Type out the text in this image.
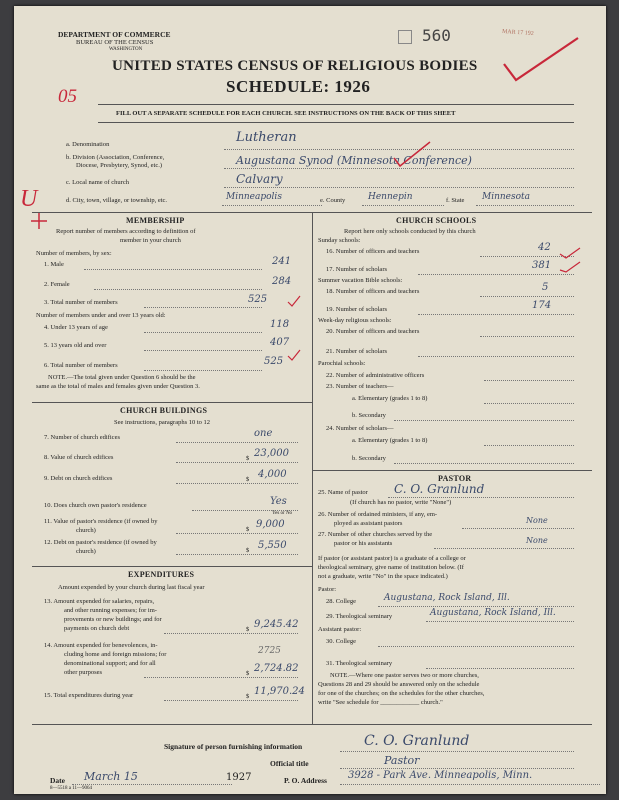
DEPARTMENT OF COMMERCE
BUREAU OF THE CENSUS
WASHINGTON
560	MAR 17 192
UNITED STATES CENSUS OF RELIGIOUS BODIES
SCHEDULE: 1926
05
FILL OUT A SEPARATE SCHEDULE FOR EACH CHURCH. SEE INSTRUCTIONS ON THE BACK OF THIS SHEET
a. Denomination	Lutheran
b. Division (Association, Conference,
Diocese, Presbytery, Synod, etc.)	Augustana Synod (Minnesota Conference)
c. Local name of church	Calvary
U	d. City, town, village, or township, etc.	Minneapolis	e. County	Hennepin	f. State Minnesota
MEMBERSHIP
Report number of members according to definition of
member in your church
Number of members, by sex:
1. Male	241
2. Female	284
3. Total number of members	525
Number of members under and over 13 years old:
4. Under 13 years of age	118
5. 13 years old and over	407
6. Total number of members	525
NOTE.—The total given under Question 6 should be the
same as the total of males and females given under Question 3.
CHURCH BUILDINGS
See instructions, paragraphs 10 to 12
7. Number of church edifices	one
8. Value of church edifices	$ 23,000
9. Debt on church edifices	$ 4,000
10. Does church own pastor's residence	Yes
Yes or No
11. Value of pastor's residence (if owned by
church)	$ 9,000
12. Debt on pastor's residence (if owned by
church)	$ 5,550
EXPENDITURES
Amount expended by your church during last fiscal year
13. Amount expended for salaries, repairs,
and other running expenses; for im-
provements or new buildings; and for
payments on church debt	$ 9,245.42
14. Amount expended for benevolences, in-
cluding home and foreign missions; for
denominational support; and for all
other purposes
2725
$ 2,724.82
15. Total expenditures during year	$ 11,970.24
CHURCH SCHOOLS
Report here only schools conducted by this church
Sunday schools:
16. Number of officers and teachers	42
17. Number of scholars	381
Summer vacation Bible schools:
18. Number of officers and teachers	5
19. Number of scholars	174
Week-day religious schools:
20. Number of officers and teachers
21. Number of scholars
Parochial schools:
22. Number of administrative officers
23. Number of teachers—
a. Elementary (grades 1 to 8)
b. Secondary
24. Number of scholars—
a. Elementary (grades 1 to 8)
b. Secondary
PASTOR
25. Name of pastor C. O. Granlund
(If church has no pastor, write "None")
26. Number of ordained ministers, if any, em-
ployed as assistant pastors	None
27. Number of other churches served by the
pastor or his assistants	None
If pastor (or assistant pastor) is a graduate of a college or
theological seminary, give name of institution below. (If
not a graduate, write "No" in the space indicated.)
Pastor:
28. College	Augustana, Rock Island, Ill.
29. Theological seminary	Augustana, Rock Island, Ill.
Assistant pastor:
30. College
31. Theological seminary
NOTE.—Where one pastor serves two or more churches,
Questions 28 and 29 should be answered only on the schedule
for one of the churches; on the schedules for the other churches,
write "See schedule for ____________ church."
Signature of person furnishing information	C. O. Granlund
Official title	Pastor
Date March 15	1927	P. O. Address 3928 - Park Ave. Minneapolis, Minn.
8—5518 a 11—9064
